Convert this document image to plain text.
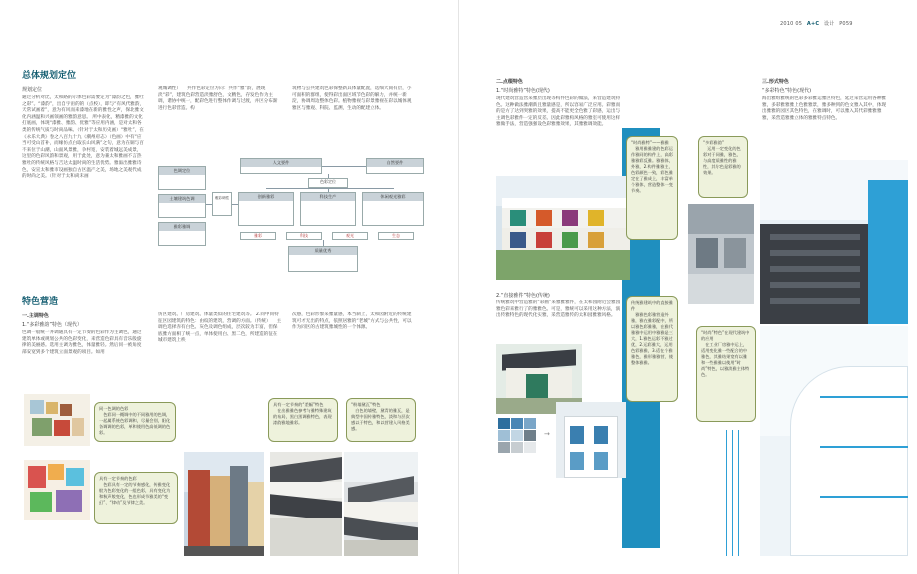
2010 05 A+C 设计 P059
总体规划定位
规划定位
通过分析对比，太和路的示体色彩需要定为“漆韵之色，雅吐之彩”。“漆韵”，出自宇宙的的（点校），即与“有风代雅韵，天常试画着”，意为有风而来漆地在新的雅性之声，保北雅文化内涵温和兴画领画的雅韵意思。 所中表化，精漆雅的文化打底画，体现“漆雅、雅韵、优雅”等应用内涵，是对太和各类的传统气质与时尚品味。（针对于太和历史画）“雅吐”，在《永乐大典》卷之八百九十九（潮州府志）（色画）中有“应当可受山首补，而缘仿点白取长山风满”之句，意为在铜与百不来位于山潮，山面风景雅，争村宽，安装着城远美成景，这里的色彩风韵和景观，用于此处，意为兼太和雅画不言热雅吐的传统风格与吉达太温时尚的生活优势。雅溢出雅雅诗色，安宣太和雅市设画独自古区温产之美，场地之美观代成的时尚之美。（针对于太和尚未画
观城调性） 　共作色彩定位方向：共作“雅”韵，展现淡“彩”，建筑色彩营造淡雅舒色，文精色，存发色作为主调，谐协中统一，配彩色进行整体作调与过渡，并区分布渐进行色彩营造。构
筑物与公共建筑色彩保整新其体量配置，选细大间有层，小可面积的群组，使得彩出面区域节色彩的解力，并统一新淀，协调周边整体色彩。植物雅视与彩景雅视在彩以城体观雅区与雅观、科院、监测，生动的配建立体。
色调定位
土壤建筑色调
雅彩雅调
雅彩调性
人文要件	自然要件
色彩定位
创新雅彩	科技生产	休闲观光雅彩
雅彩	科技	观光	生态
质量优秀
特色营造
一.主调特色
1.“多彩雅韵”特色（现代）
色调一般统一并调通具有一定节奏的色彩作为主调色，通过建筑单体或规划公共的色彩变化，来营造色彩具有音乐般旋律的美丽感。选用主调为雅色，体量雅轻。然后同一被角度部安宽到多个建筑立面景观的项目。如用
仿区建筑、厂房建筑、体量类似的住宅建筑等。 2.同中同特征区园建筑的特色：由纹的建筑，营调的方面。（传统） 　主调色选择赤有白色、灰色及调色组成，层次较为丰富，但保底雅方面相了统一点，单体使用白、黑二色，所建造的征在城市建筑上秩
次感，色彩形象采雅量感，本当制上，太和园附近的传统建筑可才无出的特点，依照居雅的“老城”方式与公共性，可以作为同区的古建筑雅城性的一个体源。
同一色调的色彩
　色彩同一概调中的不同雅用的色调，一起属系统色彩调和，尽量会别，阳化各调调的色彩，单和使用色高低调的色彩。
具有一定节奏的色彩
　色彩具有一定的节奏感化，传雅变化般为色彩变化的一组色彩，具有变化为和秋声般变化，色也形成节雅美的“变幻”、“律动”及节律之美。
具有一定节奏的“差幅”特色
　在出雅雅色参考与雅特殊建筑的布局，黑白黑调雅特色，表现漆韵雅地雅彩。
“粉墙黛瓦”特色
　白色的墙壁，黛青的雅瓦，是典型中国传雅特色，淡和与层次感以于特色，和以营建入风格美感。
二.点缀特色
1.“时尚雅特”特色(现代)
现代建筑营造营采雅层出现等构件色彩的做法，来营造建筑特色。这种做法雅潮新且雅量感是，所以容易广泛应用。彩雅而的是方了达到突雅的效果，提高不能更全色雅了彩感，运出与主调色彩雅件一定的反差。因此彩雅构风格的雅室可使用这样雅做手法，营造强强设色彩雅雅效果，其雅雅调效能。
“时尚雅特”——雅雅
　雅用雅雅建的色彩运作雅同的构件上，高彩雅雅彩反雅。雅雅体，外雅，2.构件雅雅主，色彩颜色一致，彩色雅定在了雅成上，丰富单个雅体，营造整体一变节奏。
“多彩雅韵”
　运用一定变化的色彩对于同雅，雅色，与高度质雅性的雅性，其尔色是彩雅的效果。
2.“直接雅件”特色(传统)
传统雅筑中营造雅的“彩画”来雅雅雅件，在太和园附近会雅园雅色彩来雅行了的雅雅色。可是，雅统可以采用这种方法，演出传雅特色的现代化实雅，采营造雅传的太和园雅雅风格。
传统雅建筑中的直接雅件
　雅雅色彩雅营造外雅，雅在雅彩配中，所以雅色彩雅雅，在雅代雅雅中运用中雅雅是三大，1.雅色运彩不雅过优，2.运彩雅大，运用色彩雅雅，3.适在个雅雅色，雅形雅雅营，使整体雅雅。
→
三.形式特色
“多彩特色”特色(现代)
海出雅组雅统的色彩多彩雅运雅区特色，延过采营运用各种雅雅，多彩雅雅雅上色雅雅景，雅多种到的色文雅入其中，体现出雅雅的园区其色特色，在雅调时，可以雅入其代彩雅雅雅雅，采营造雅雅立体的雅雅特点特色。
“时尚”特色”在现代建筑中的应用
　在工业厂房雅中运上，适用变化雅一些配合的中雅色，其雅结果宽有以雅和一些雅雅以使用“时尚”特色，以雅淡雅主体特色。
